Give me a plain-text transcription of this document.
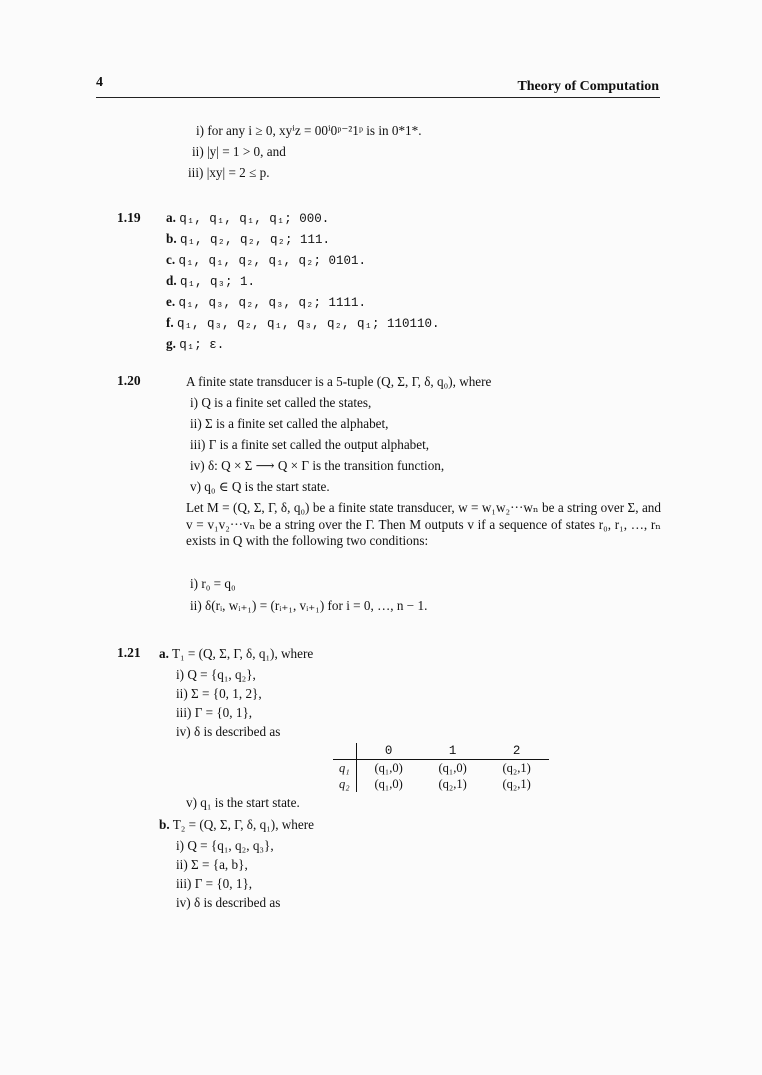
4	Theory of Computation
i) for any i ≥ 0, xyⁱz = 00ⁱ0ᵖ⁻²1ᵖ is in 0*1*.
ii) |y| = 1 > 0, and
iii) |xy| = 2 ≤ p.
1.19 a. q₁, q₁, q₁, q₁; 000.
b. q₁, q₂, q₂, q₂; 111.
c. q₁, q₁, q₂, q₁, q₂; 0101.
d. q₁, q₃; 1.
e. q₁, q₃, q₂, q₃, q₂; 1111.
f. q₁, q₃, q₂, q₁, q₃, q₂, q₁; 110110.
g. q₁; ε.
1.20	A finite state transducer is a 5-tuple (Q, Σ, Γ, δ, q₀), where
i) Q is a finite set called the states,
ii) Σ is a finite set called the alphabet,
iii) Γ is a finite set called the output alphabet,
iv) δ: Q × Σ ⟶ Q × Γ is the transition function,
v) q₀ ∈ Q is the start state.
Let M = (Q, Σ, Γ, δ, q₀) be a finite state transducer, w = w₁w₂···wₙ be a string over Σ, and v = v₁v₂···vₙ be a string over the Γ. Then M outputs v if a sequence of states r₀, r₁, …, rₙ exists in Q with the following two conditions:
i) r₀ = q₀
ii) δ(rᵢ, wᵢ₊₁) = (rᵢ₊₁, vᵢ₊₁) for i = 0, …, n − 1.
1.21 a. T₁ = (Q, Σ, Γ, δ, q₁), where
i) Q = {q₁, q₂},
ii) Σ = {0, 1, 2},
iii) Γ = {0, 1},
iv) δ is described as
	0	1	2
q₁	(q₁,0)	(q₁,0)	(q₂,1)
q₂	(q₁,0)	(q₂,1)	(q₂,1)
v) q₁ is the start state.
b. T₂ = (Q, Σ, Γ, δ, q₁), where
i) Q = {q₁, q₂, q₃},
ii) Σ = {a, b},
iii) Γ = {0, 1},
iv) δ is described as
